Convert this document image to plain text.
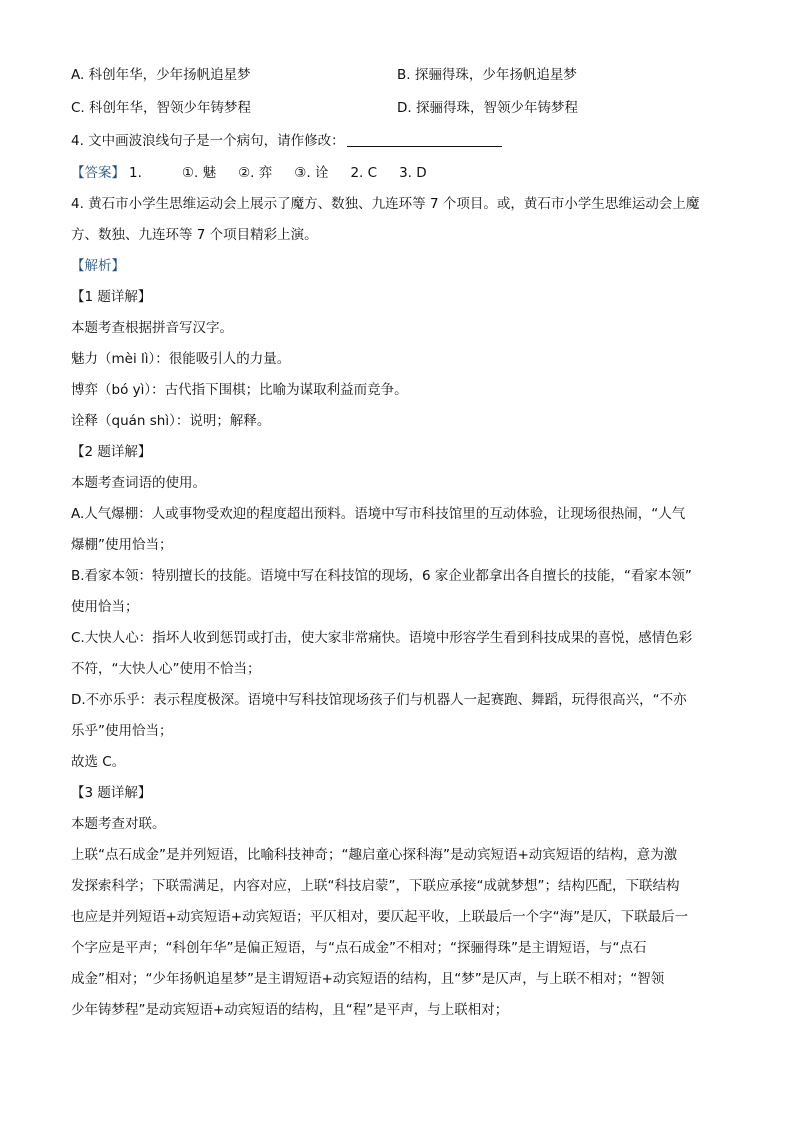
A. 科创年华，少年扬帆追星梦	B. 探骊得珠，少年扬帆追星梦
C. 科创年华，智领少年铸梦程	D. 探骊得珠，智领少年铸梦程
4. 文中画波浪线句子是一个病句，请作修改：
【答案】 1.	①. 魅 ②. 弈 ③. 诠 2. C 3. D
4. 黄石市小学生思维运动会上展示了魔方、数独、九连环等 7 个项目。或，黄石市小学生思维运动会上魔
方、数独、九连环等 7 个项目精彩上演。
【解析】
【1 题详解】
本题考查根据拼音写汉字。
魅力（mèi lì）：很能吸引人的力量。
博弈（bó yì）：古代指下围棋；比喻为谋取利益而竞争。
诠释（quán shì）：说明；解释。
【2 题详解】
本题考查词语的使用。
A.人气爆棚：人或事物受欢迎的程度超出预料。语境中写市科技馆里的互动体验，让现场很热闹，“人气
爆棚”使用恰当；
B.看家本领：特别擅长的技能。语境中写在科技馆的现场，6 家企业都拿出各自擅长的技能，“看家本领”
使用恰当；
C.大快人心：指坏人收到惩罚或打击，使大家非常痛快。语境中形容学生看到科技成果的喜悦，感情色彩
不符，“大快人心”使用不恰当；
D.不亦乐乎：表示程度极深。语境中写科技馆现场孩子们与机器人一起赛跑、舞蹈，玩得很高兴，“不亦
乐乎”使用恰当；
故选 C。
【3 题详解】
本题考查对联。
上联“点石成金”是并列短语，比喻科技神奇；“趣启童心探科海”是动宾短语+动宾短语的结构，意为激
发探索科学；下联需满足，内容对应，上联“科技启蒙”，下联应承接“成就梦想”；结构匹配，下联结构
也应是并列短语+动宾短语+动宾短语；平仄相对，要仄起平收，上联最后一个字“海”是仄，下联最后一
个字应是平声；“科创年华”是偏正短语，与“点石成金”不相对；“探骊得珠”是主谓短语，与“点石
成金”相对；“少年扬帆追星梦”是主谓短语+动宾短语的结构，且“梦”是仄声，与上联不相对；“智领
少年铸梦程”是动宾短语+动宾短语的结构，且“程”是平声，与上联相对；
